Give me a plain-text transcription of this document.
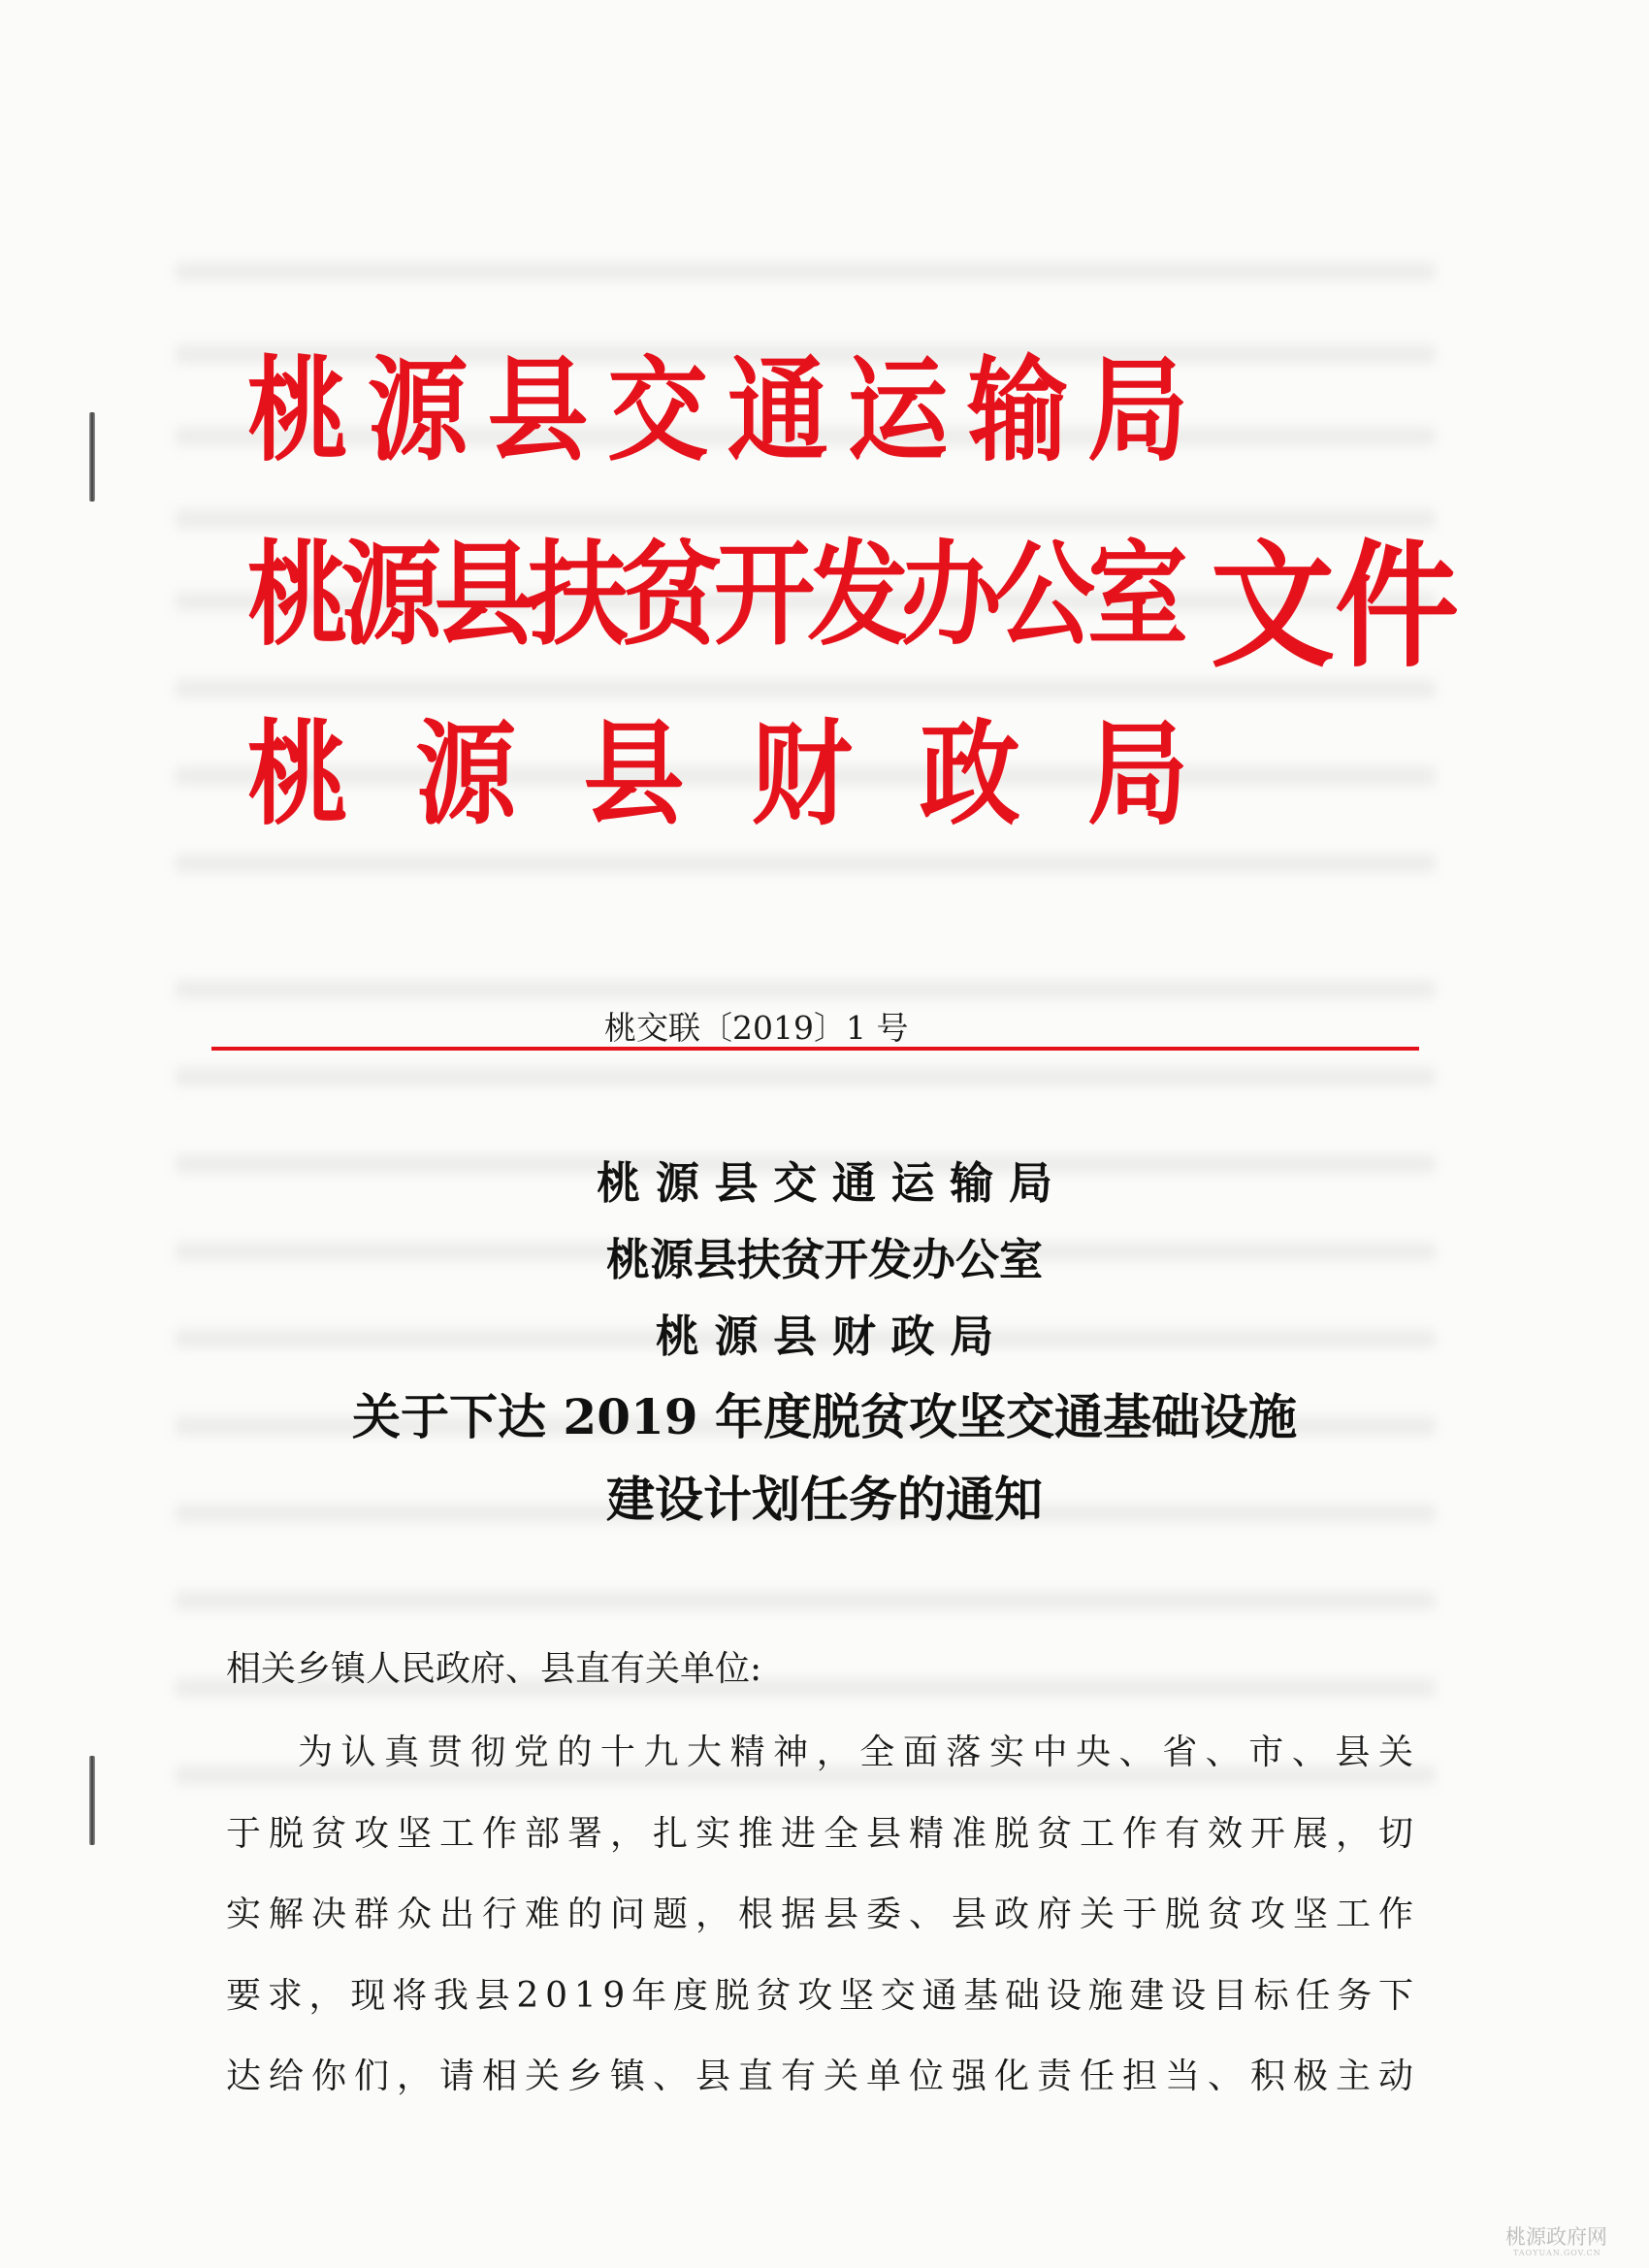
桃 源 县 交 通 运 输 局
桃源县扶贫开发办公室
桃 源 县 财 政 局
文件
桃交联〔2019〕1 号
桃 源 县 交 通 运 输 局
桃源县扶贫开发办公室
桃 源 县 财 政 局
关于下达 2019 年度脱贫攻坚交通基础设施
建设计划任务的通知
相关乡镇人民政府、县直有关单位:
为认真贯彻党的十九大精神，全面落实中央、省、市、县关
于脱贫攻坚工作部署，扎实推进全县精准脱贫工作有效开展，切
实解决群众出行难的问题，根据县委、县政府关于脱贫攻坚工作
要求，现将我县2019年度脱贫攻坚交通基础设施建设目标任务下
达给你们，请相关乡镇、县直有关单位强化责任担当、积极主动
桃源政府网
TAOYUAN.GOV.CN
